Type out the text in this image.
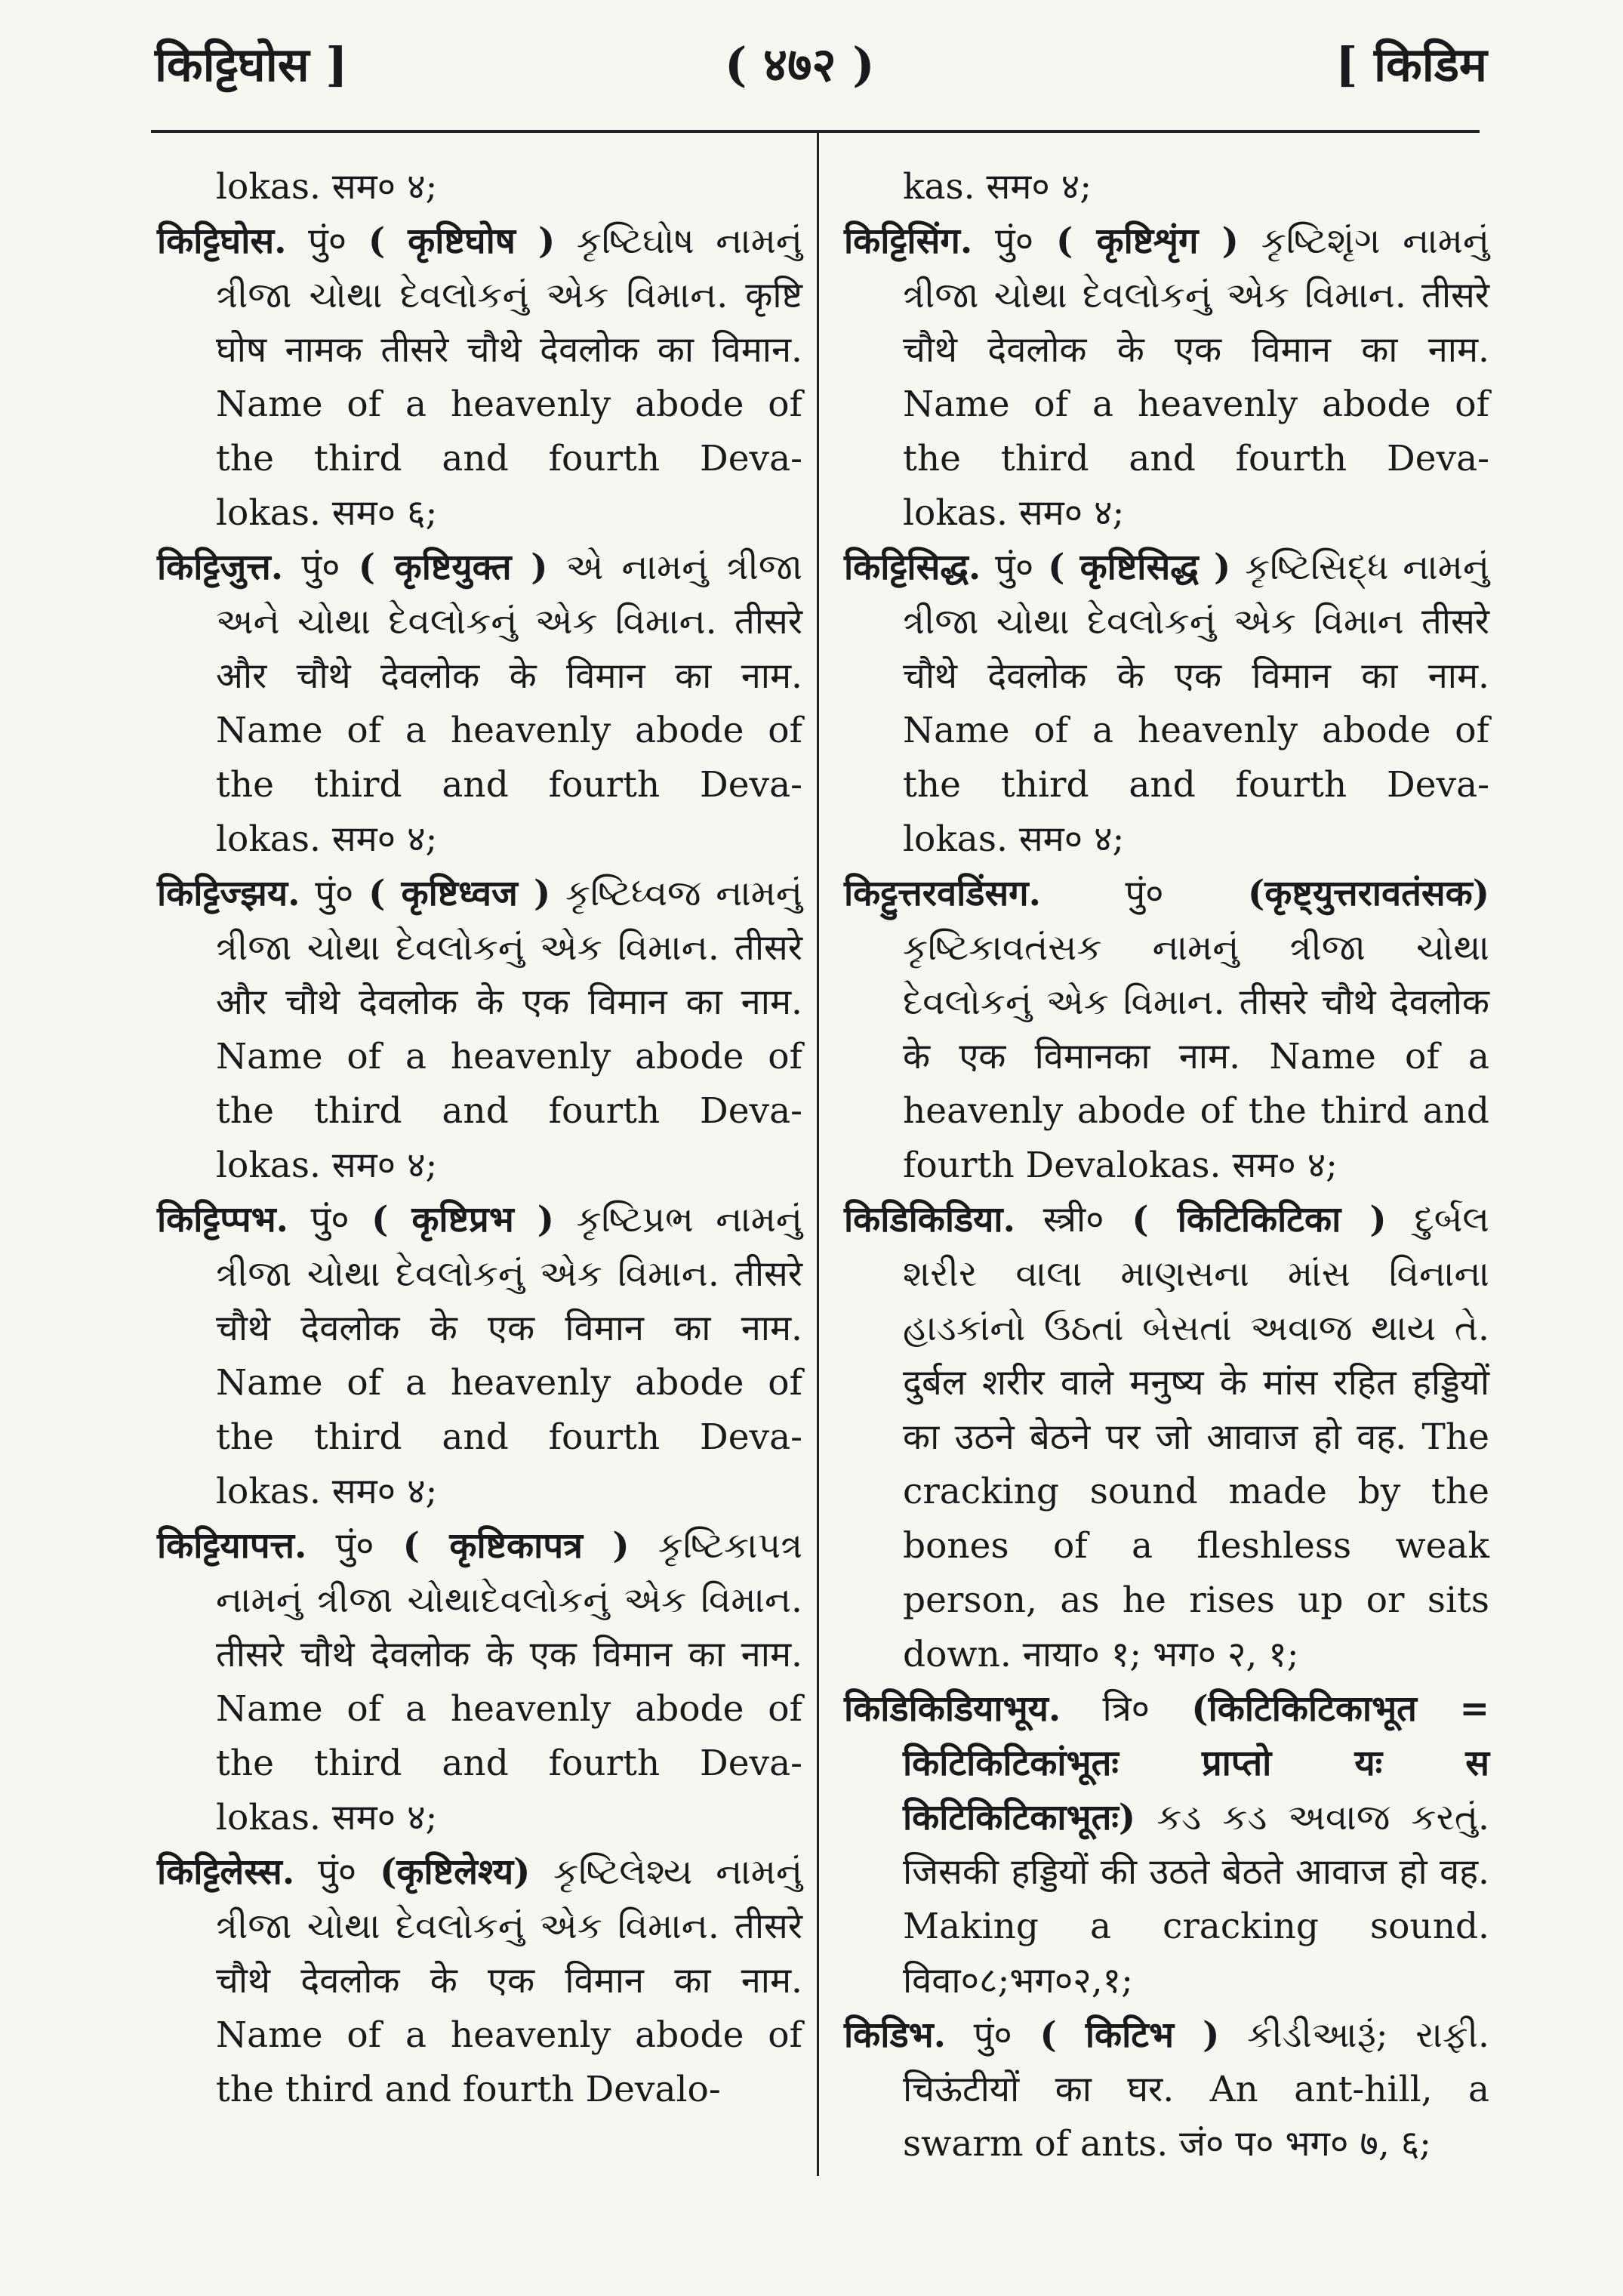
किट्टिघोस ]	( ४७२ )	[ किडिम

lokas. सम० ४;

किट्टिघोस. पुं० ( कृष्टिघोष ) કૃષ્ટિઘોષ નામનું ત્રીજા ચોથા દેવલોકનું એક વિમાન. कृष्टि घोष नामक तीसरे चौथे देवलोक का विमान. Name of a heavenly abode of the third and fourth Deva- lokas. सम० ६;

किट्टिजुत्त. पुं० ( कृष्टियुक्त ) એ નામનું ત્રીજા અને ચોથા દેવલોકનું એક વિમાન. तीसरे और चौथे देवलोक के विमान का नाम. Name of a heavenly abode of the third and fourth Deva- lokas. सम० ४;

किट्टिज्झय. पुं० ( कृष्टिध्वज ) કૃષ્ટિધ્વજ નામનું ત્રીજા ચોથા દેવલોકનું એક વિમાન. तीसरे और चौथे देवलोक के एक विमान का नाम. Name of a heavenly abode of the third and fourth Deva- lokas. सम० ४;

किट्टिप्पभ. पुं० ( कृष्टिप्रभ ) કૃષ્ટિપ્રભ નામનું ત્રીજા ચોથા દેવલોકનું એક વિમાન. तीसरे चौथे देवलोक के एक विमान का नाम. Name of a heavenly abode of the third and fourth Deva- lokas. सम० ४;

किट्टियापत्त. पुं० ( कृष्टिकापत्र ) કૃષ્ટિકાપત્ર નામનું ત્રીજા ચોથાદેવલોકનું એક વિમાન. तीसरे चौथे देवलोक के एक विमान का नाम. Name of a heavenly abode of the third and fourth Deva- lokas. सम० ४;

किट्टिलेस्स. पुं० (कृष्टिलेश्य) કૃષ્ટિલેશ્ય નામનું ત્રીજા ચોથા દેવલોકનું એક વિમાન. तीसरे चौथे देवलोक के एक विमान का नाम. Name of a heavenly abode of the third and fourth Devalo-

kas. सम० ४;

किट्टिसिंग. पुं० ( कृष्टिशृंग ) કૃષ્ટિશૃંગ નામનું ત્રીજા ચોથા દેવલોકનું એક વિમાન. तीसरे चौथे देवलोक के एक विमान का नाम. Name of a heavenly abode of the third and fourth Deva- lokas. सम० ४;

किट्टिसिद्ध. पुं० ( कृष्टिसिद्ध ) કૃષ્ટિસિદ્ધ નામનું ત્રીજા ચોથા દેવલોકનું એક વિમાન तीसरे चौथे देवलोक के एक विमान का नाम. Name of a heavenly abode of the third and fourth Deva- lokas. सम० ४;

किट्टुत्तरवडिंसग. पुं० (कृष्ट्युत्तरावतंसक) કૃષ્ટિકાવતંસક નામનું ત્રીજા ચોથા દેવલોકનું એક વિમાન. तीसरे चौथे देवलोक के एक विमानका नाम. Name of a heavenly abode of the third and fourth Devalokas. सम० ४;

किडिकिडिया. स्त्री० ( किटिकिटिका ) દુર્બલ શરીર વાલા માણસના માંસ વિનાના હાડકાંનો ઉઠતાં બેસતાં અવાજ થાય તે. दुर्बल शरीर वाले मनुष्य के मांस रहित हड्डियों का उठने बेठने पर जो आवाज हो वह. The cracking sound made by the bones of a fleshless weak person, as he rises up or sits down. नाया० १; भग० २, १;

किडिकिडियाभूय. त्रि० (किटिकिटिकाभूत = किटिकिटिकांभूतः प्राप्तो यः स किटिकिटिकाभूतः) કડ કડ અવાજ કરતું. जिसकी हड्डियों की उठते बेठते आवाज हो वह. Making a cracking sound. विवा०८;भग०२,१;

किडिभ. पुं० ( किटिभ ) કીડીઆરૂં; રાફી. चिऊंटीयों का घर. An ant-hill, a swarm of ants. जं० प० भग० ७, ६;
